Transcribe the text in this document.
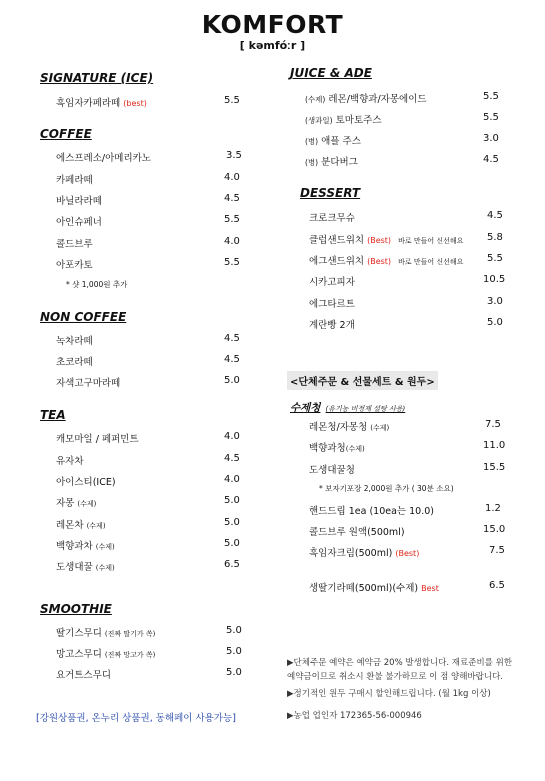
KOMFORT
[ kəmfóːr ]
SIGNATURE (ICE)
흑임자카페라떼 (best)	5.5
COFFEE
에스프레소/아메리카노	3.5
카페라떼	4.0
바닐라라떼	4.5
아인슈페너	5.5
콜드브루	4.0
아포카토	5.5
* 샷 1,000원 추가
NON COFFEE
녹차라떼	4.5
초코라떼	4.5
자색고구마라떼	5.0
TEA
캐모마일 / 페퍼민트	4.0
유자차	4.5
아이스티(ICE)	4.0
자몽 (수제)	5.0
레몬차 (수제)	5.0
백향과차 (수제)	5.0
도생대꿀 (수제)	6.5
SMOOTHIE
딸기스무디 (진짜 딸기가 쏙)	5.0
망고스무디 (진짜 망고가 쏙)	5.0
요거트스무디	5.0
[강원상품권, 온누리 상품권, 동해페이 사용가능]
JUICE & ADE
(수제) 레몬/백향과/자몽에이드	5.5
(생과일) 토마토주스	5.5
(병) 애플 주스	3.0
(병) 분다버그	4.5
DESSERT
크로크무슈	4.5
클럽샌드위치 (Best) 바로 만들어 신선해요 5.8
에그샌드위치 (Best) 바로 만들어 신선해요 5.5
시카고피자	10.5
에그타르트	3.0
계란빵 2개	5.0
<단체주문 & 선물세트 & 원두>
수제청 (유기농 비정제 설탕 사용)
레몬청/자몽청 (수제)	7.5
백향과청(수제)	11.0
도생대꿀청	15.5
* 보자기포장 2,000원 추가 ( 30분 소요)
핸드드립 1ea (10ea는 10.0)	1.2
콜드브루 원액(500ml)	15.0
흑임자크림(500ml) (Best)	7.5
생딸기라떼(500ml)(수제) Best	6.5
▶단체주문 예약은 예약금 20% 발생합니다. 재료준비를 위한
예약금이므로 취소시 환불 불가하므로 이 점 양해바랍니다.
▶정기적인 원두 구매시 할인해드립니다. (월 1kg 이상)
▶농업 업인자 172365-56-000946
